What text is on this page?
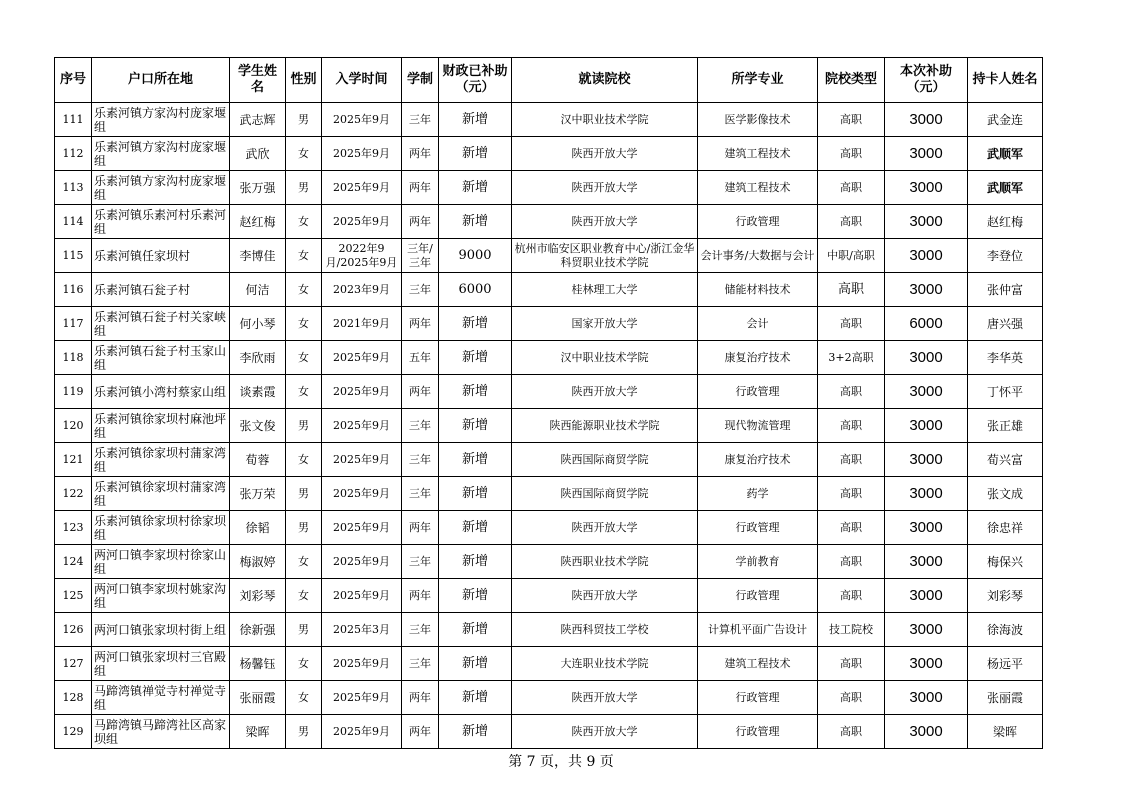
序号	户口所在地	学生姓名	性别	入学时间	学制	财政已补助（元）	就读院校	所学专业	院校类型	本次补助（元）	持卡人姓名
111	乐素河镇方家沟村庞家堰组	武志辉	男	2025年9月	三年	新增	汉中职业技术学院	医学影像技术	高职	3000	武金连
112	乐素河镇方家沟村庞家堰组	武欣	女	2025年9月	两年	新增	陕西开放大学	建筑工程技术	高职	3000	武顺军
113	乐素河镇方家沟村庞家堰组	张万强	男	2025年9月	两年	新增	陕西开放大学	建筑工程技术	高职	3000	武顺军
114	乐素河镇乐素河村乐素河组	赵红梅	女	2025年9月	两年	新增	陕西开放大学	行政管理	高职	3000	赵红梅
115	乐素河镇任家坝村	李博佳	女	2022年9月/2025年9月	三年/三年	9000	杭州市临安区职业教育中心/浙江金华科贸职业技术学院	会计事务/大数据与会计	中职/高职	3000	李登位
116	乐素河镇石瓮子村	何洁	女	2023年9月	三年	6000	桂林理工大学	储能材料技术	高职	3000	张仲富
117	乐素河镇石瓮子村关家峡组	何小琴	女	2021年9月	两年	新增	国家开放大学	会计	高职	6000	唐兴强
118	乐素河镇石瓮子村玉家山组	李欣雨	女	2025年9月	五年	新增	汉中职业技术学院	康复治疗技术	3+2高职	3000	李华英
119	乐素河镇小湾村蔡家山组	谈素霞	女	2025年9月	两年	新增	陕西开放大学	行政管理	高职	3000	丁怀平
120	乐素河镇徐家坝村麻池坪组	张文俊	男	2025年9月	三年	新增	陕西能源职业技术学院	现代物流管理	高职	3000	张正雄
121	乐素河镇徐家坝村蒲家湾组	荀蓉	女	2025年9月	三年	新增	陕西国际商贸学院	康复治疗技术	高职	3000	荀兴富
122	乐素河镇徐家坝村蒲家湾组	张万荣	男	2025年9月	三年	新增	陕西国际商贸学院	药学	高职	3000	张文成
123	乐素河镇徐家坝村徐家坝组	徐韬	男	2025年9月	两年	新增	陕西开放大学	行政管理	高职	3000	徐忠祥
124	两河口镇李家坝村徐家山组	梅淑婷	女	2025年9月	三年	新增	陕西职业技术学院	学前教育	高职	3000	梅保兴
125	两河口镇李家坝村姚家沟组	刘彩琴	女	2025年9月	两年	新增	陕西开放大学	行政管理	高职	3000	刘彩琴
126	两河口镇张家坝村街上组	徐新强	男	2025年3月	三年	新增	陕西科贸技工学校	计算机平面广告设计	技工院校	3000	徐海波
127	两河口镇张家坝村三官殿组	杨馨钰	女	2025年9月	三年	新增	大连职业技术学院	建筑工程技术	高职	3000	杨远平
128	马蹄湾镇禅觉寺村禅觉寺组	张丽霞	女	2025年9月	两年	新增	陕西开放大学	行政管理	高职	3000	张丽霞
129	马蹄湾镇马蹄湾社区高家坝组	梁晖	男	2025年9月	两年	新增	陕西开放大学	行政管理	高职	3000	梁晖
第 7 页，共 9 页
